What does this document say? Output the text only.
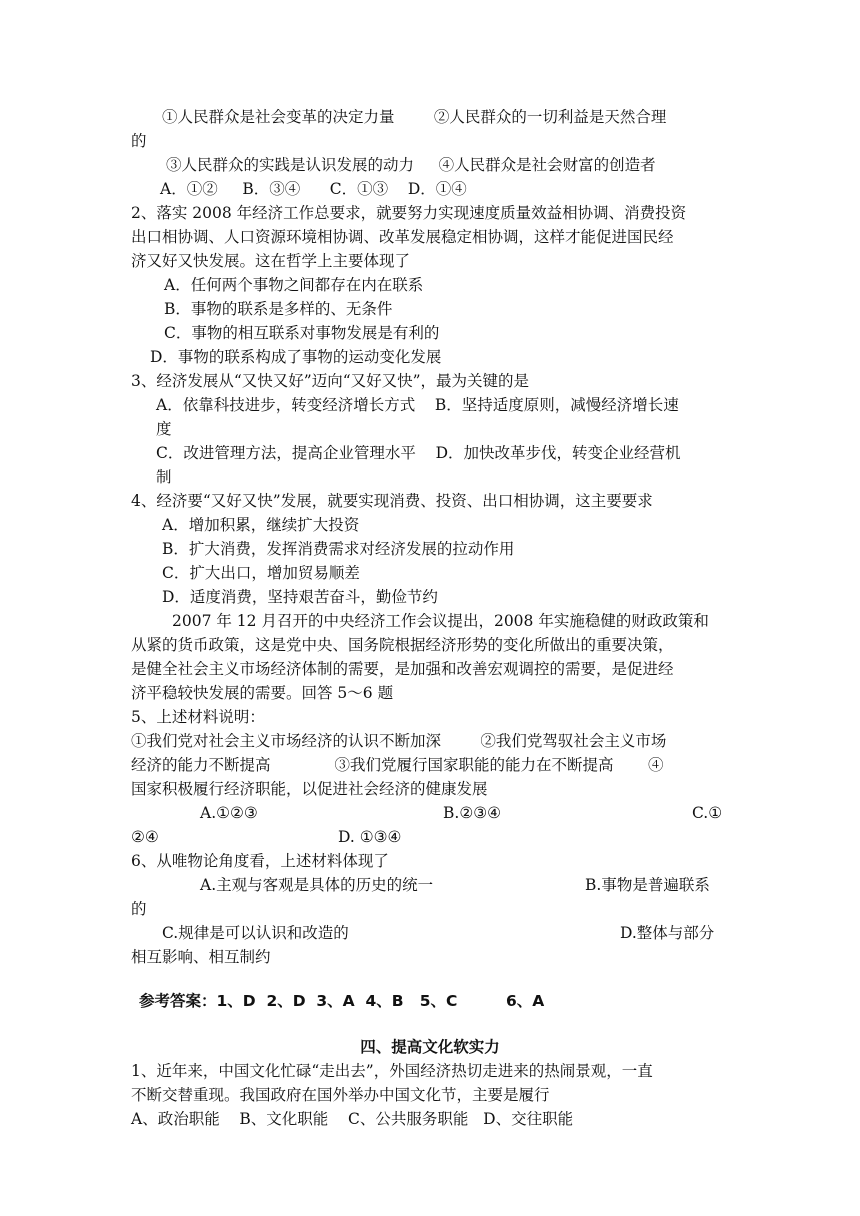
①人民群众是社会变革的决定力量        ②人民群众的一切利益是天然合理
的
③人民群众的实践是认识发展的动力     ④人民群众是社会财富的创造者
A．①②     B．③④      C．①③    D．①④
2、落实 2008 年经济工作总要求，就要努力实现速度质量效益相协调、消费投资
出口相协调、人口资源环境相协调、改革发展稳定相协调，这样才能促进国民经
济又好又快发展。这在哲学上主要体现了
A．任何两个事物之间都存在内在联系
B．事物的联系是多样的、无条件
C．事物的相互联系对事物发展是有利的
D．事物的联系构成了事物的运动变化发展
3、经济发展从“又快又好”迈向“又好又快”，最为关键的是
A．依靠科技进步，转变经济增长方式    B．坚持适度原则，减慢经济增长速
度
C．改进管理方法，提高企业管理水平    D．加快改革步伐，转变企业经营机
制
4、经济要“又好又快”发展，就要实现消费、投资、出口相协调，这主要要求
A．增加积累，继续扩大投资
B．扩大消费，发挥消费需求对经济发展的拉动作用
C．扩大出口，增加贸易顺差
D．适度消费，坚持艰苦奋斗，勤俭节约
2007 年 12 月召开的中央经济工作会议提出，2008 年实施稳健的财政政策和
从紧的货币政策，这是党中央、国务院根据经济形势的变化所做出的重要决策，
是健全社会主义市场经济体制的需要，是加强和改善宏观调控的需要，是促进经
济平稳较快发展的需要。回答 5～6 题
5、上述材料说明：
①我们党对社会主义市场经济的认识不断加深        ②我们党驾驭社会主义市场
经济的能力不断提高             ③我们党履行国家职能的能力在不断提高       ④
国家积极履行经济职能，以促进社会经济的健康发展
A.①②③	B.②③④	C.①
②④	D. ①③④
6、从唯物论角度看，上述材料体现了
A.主观与客观是具体的历史的统一	B.事物是普遍联系
的
C.规律是可以认识和改造的	D.整体与部分
相互影响、相互制约
参考答案：1、D  2、D  3、A  4、B   5、C         6、A

四、提高文化软实力
1、近年来，中国文化忙碌“走出去”，外国经济热切走进来的热闹景观，一直
不断交替重现。我国政府在国外举办中国文化节，主要是履行
A、政治职能    B、文化职能    C、公共服务职能   D、交往职能
